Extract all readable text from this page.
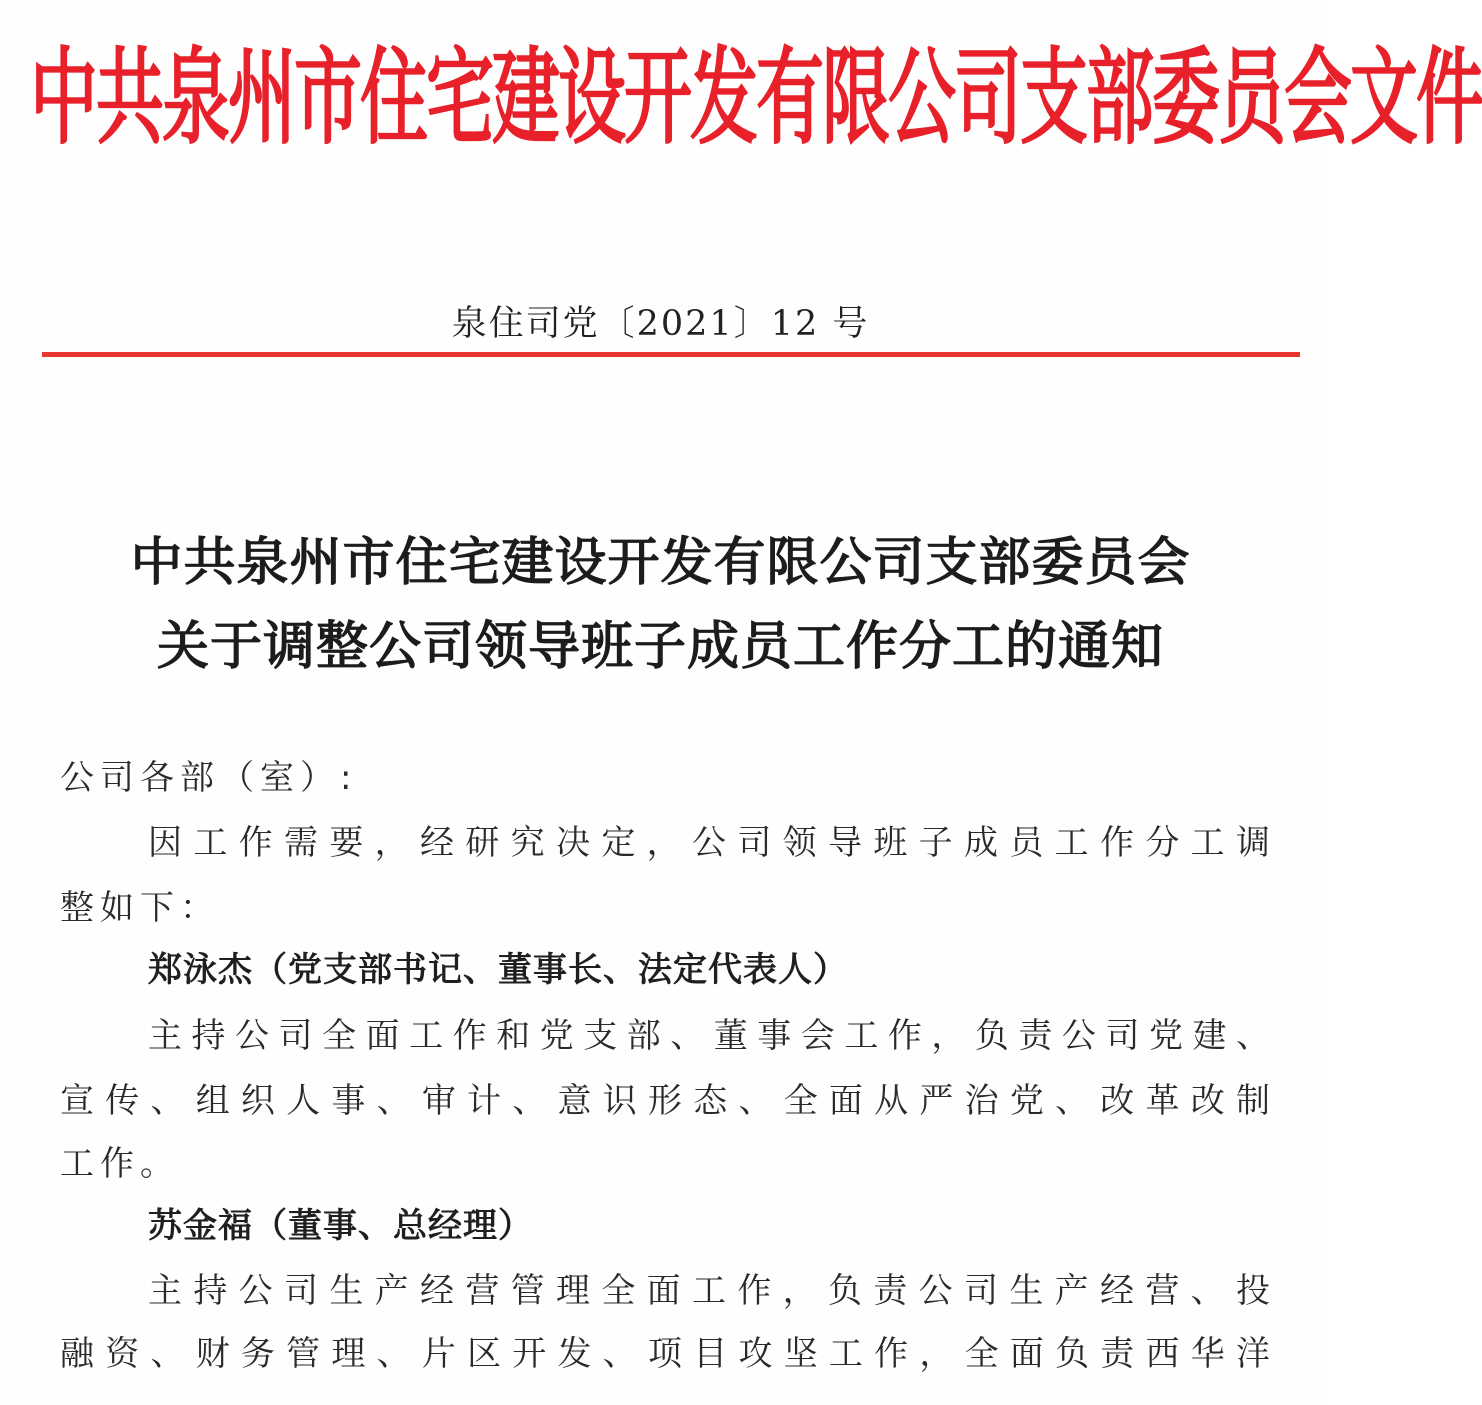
中共泉州市住宅建设开发有限公司支部委员会文件
泉住司党〔2021〕12 号
中共泉州市住宅建设开发有限公司支部委员会
关于调整公司领导班子成员工作分工的通知
公司各部（室）:
因工作需要，经研究决定，公司领导班子成员工作分工调
整如下：
郑泳杰（党支部书记、董事长、法定代表人）
主持公司全面工作和党支部、董事会工作，负责公司党建、
宣传、组织人事、审计、意识形态、全面从严治党、改革改制
工作。
苏金福（董事、总经理）
主持公司生产经营管理全面工作，负责公司生产经营、投
融资、财务管理、片区开发、项目攻坚工作，全面负责西华洋
